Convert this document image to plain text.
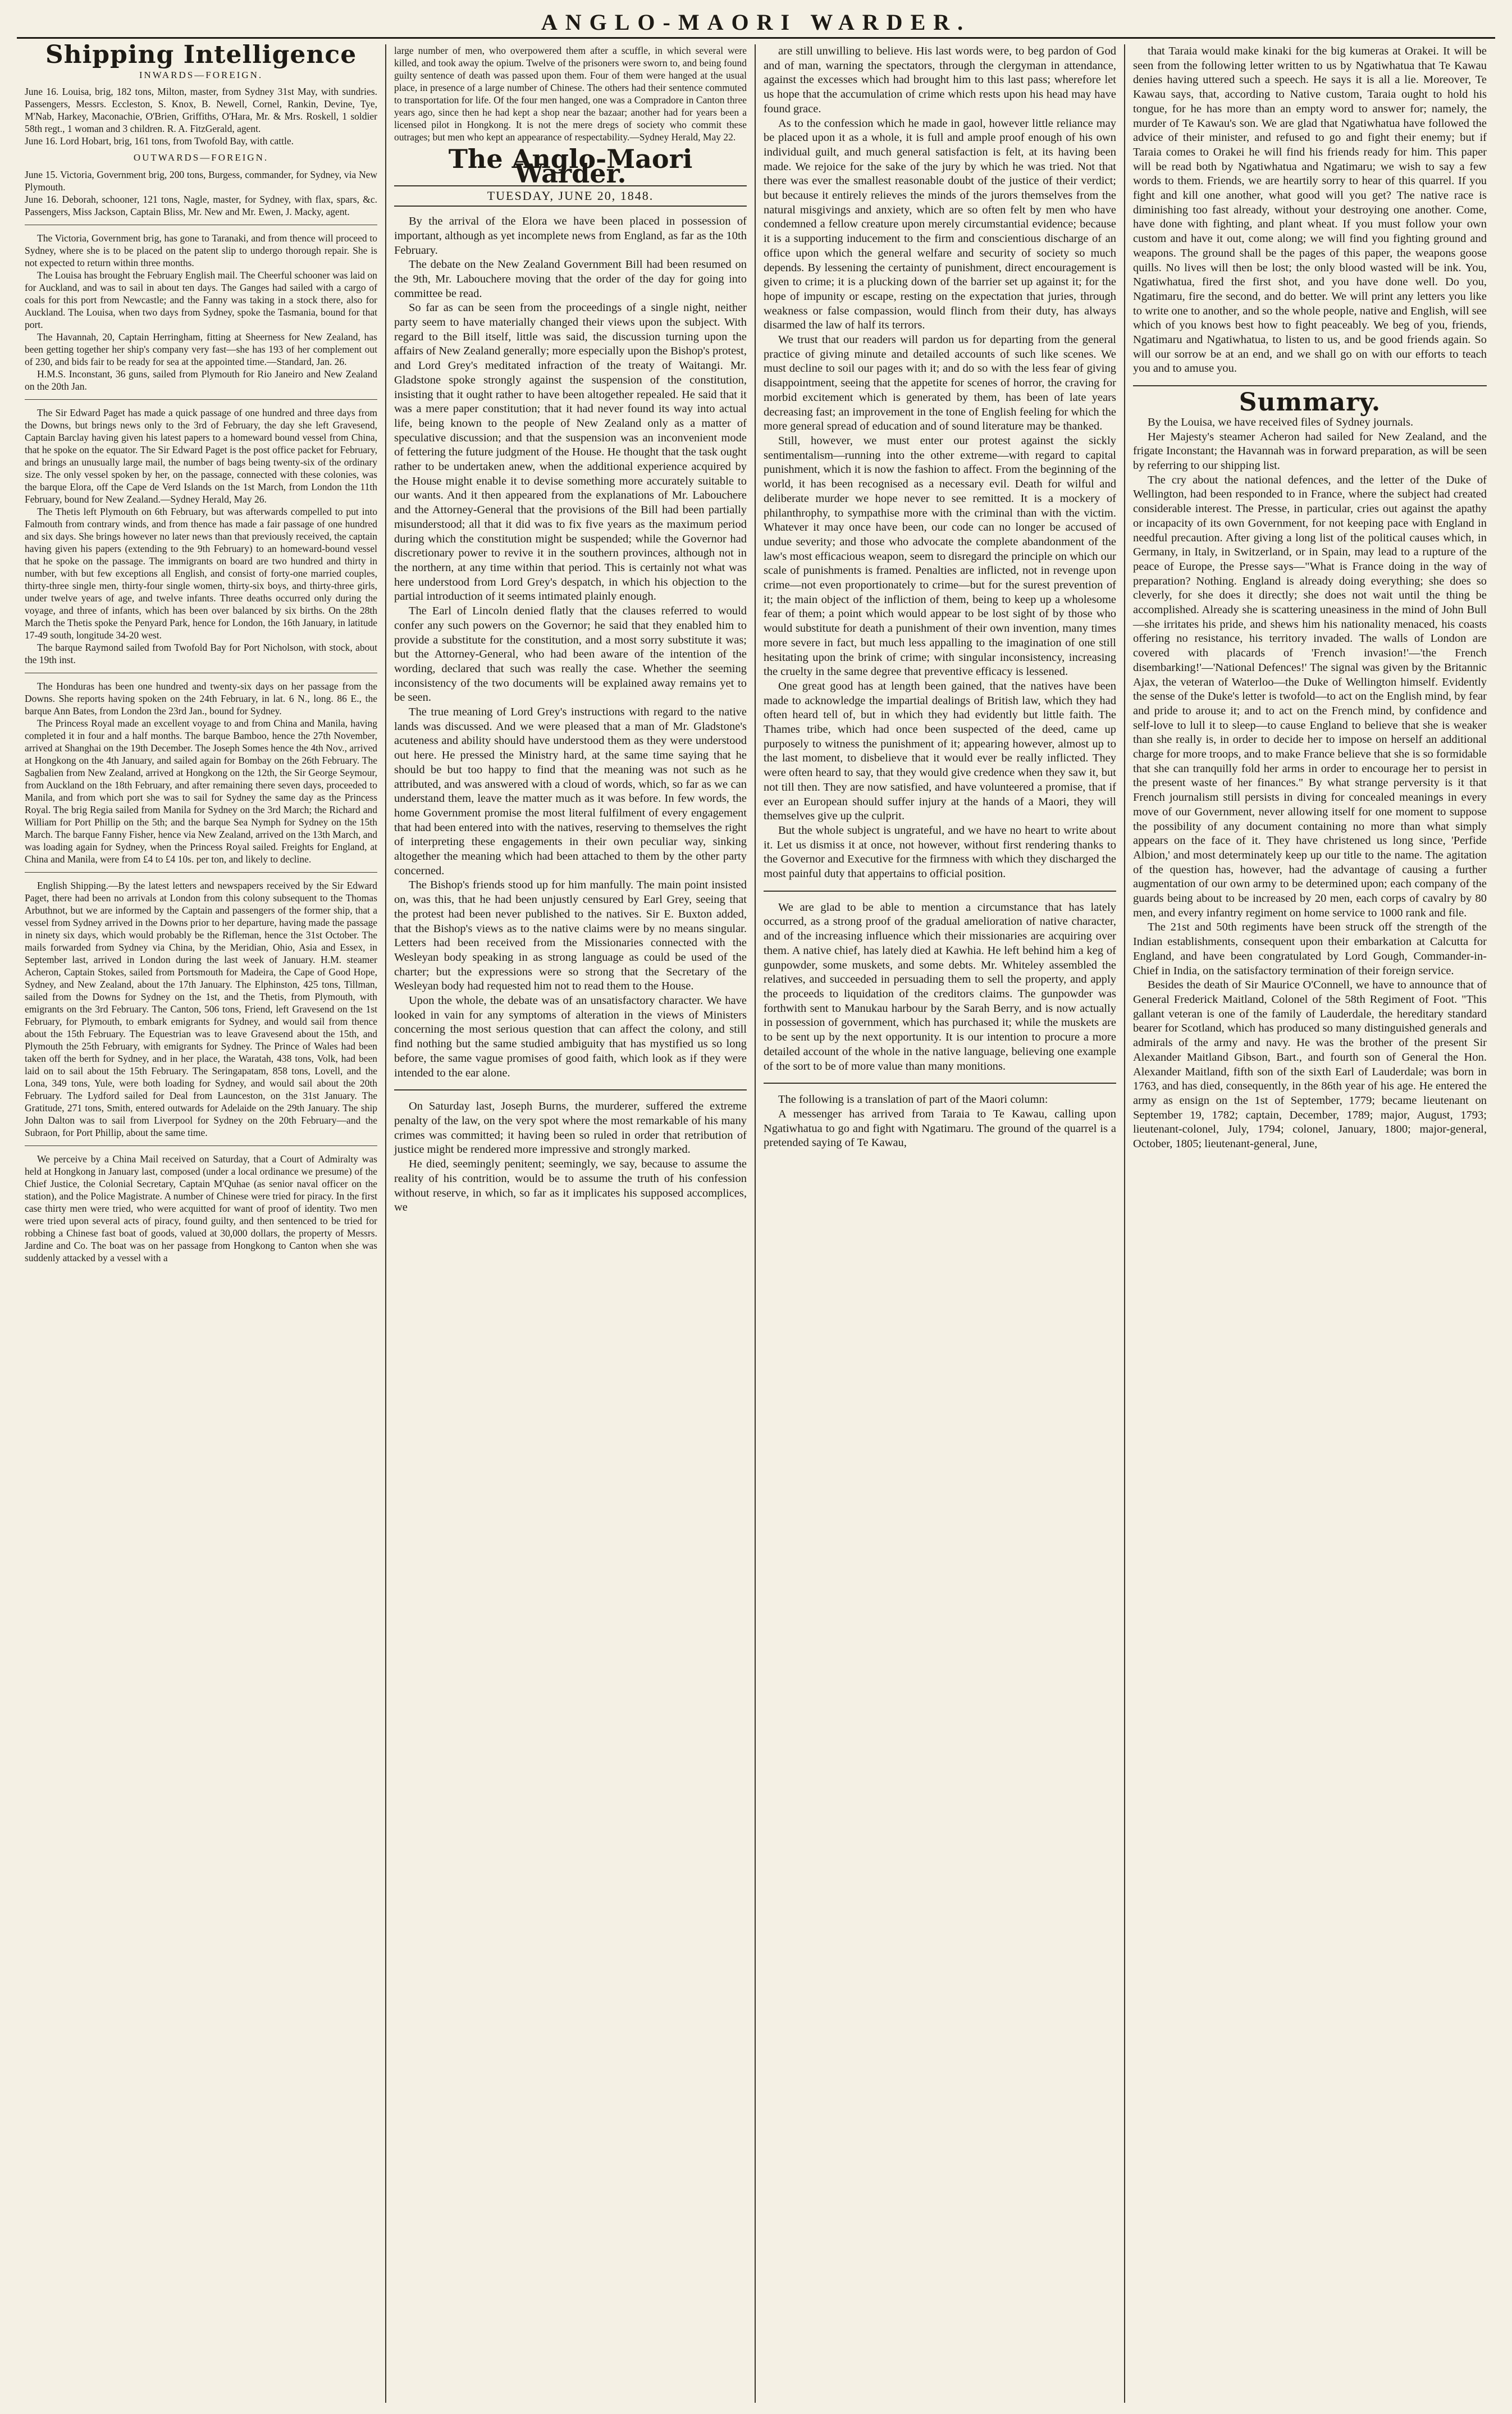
ANGLO-MAORI WARDER.
Shipping Intelligence
INWARDS—FOREIGN.

June 16. Louisa, brig, 182 tons, Milton, master, from Sydney 31st May, with sundries. Passengers, Messrs. Eccleston, S. Knox, B. Newell, Cornel, Rankin, Devine, Tye, M'Nab, Harkey, Maconachie, O'Brien, Griffiths, O'Hara, Mr. & Mrs. Roskell, 1 soldier 58th regt., 1 woman and 3 children. R. A. FitzGerald, agent.

June 16. Lord Hobart, brig, 161 tons, from Twofold Bay, with cattle.

OUTWARDS—FOREIGN.

June 15. Victoria, Government brig, 200 tons, Burgess, commander, for Sydney, via New Plymouth.

June 16. Deborah, schooner, 121 tons, Nagle, master, for Sydney, with flax, spars, &c. Passengers, Miss Jackson, Captain Bliss, Mr. New and Mr. Ewen, J. Macky, agent.

The Victoria, Government brig, has gone to Taranaki, and from thence will proceed to Sydney, where she is to be placed on the patent slip to undergo thorough repair. She is not expected to return within three months.

The Louisa has brought the February English mail. The Cheerful schooner was laid on for Auckland, and was to sail in about ten days. The Ganges had sailed with a cargo of coals for this port from Newcastle; and the Fanny was taking in a stock there, also for Auckland. The Louisa, when two days from Sydney, spoke the Tasmania, bound for that port.

The Havannah, 20, Captain Herringham, fitting at Sheerness for New Zealand, has been getting together her ship's company very fast—she has 193 of her complement out of 230, and bids fair to be ready for sea at the appointed time.—Standard, Jan. 26.

H.M.S. Inconstant, 36 guns, sailed from Plymouth for Rio Janeiro and New Zealand on the 20th Jan.

The Sir Edward Paget has made a quick passage of one hundred and three days from the Downs, but brings news only to the 3rd of February, the day she left Gravesend, Captain Barclay having given his latest papers to a homeward bound vessel from China, that he spoke on the equator. The Sir Edward Paget is the post office packet for February, and brings an unusually large mail, the number of bags being twenty-six of the ordinary size. The only vessel spoken by her, on the passage, connected with these colonies, was the barque Elora, off the Cape de Verd Islands on the 1st March, from London the 11th February, bound for New Zealand.—Sydney Herald, May 26.

The Thetis left Plymouth on 6th February, but was afterwards compelled to put into Falmouth from contrary winds, and from thence has made a fair passage of one hundred and six days. She brings however no later news than that previously received, the captain having given his papers (extending to the 9th February) to an homeward-bound vessel that he spoke on the passage. The immigrants on board are two hundred and thirty in number, with but few exceptions all English, and consist of forty-one married couples, thirty-three single men, thirty-four single women, thirty-six boys, and thirty-three girls, under twelve years of age, and twelve infants. Three deaths occurred only during the voyage, and three of infants, which has been over balanced by six births. On the 28th March the Thetis spoke the Penyard Park, hence for London, the 16th January, in latitude 17-49 south, longitude 34-20 west.

The barque Raymond sailed from Twofold Bay for Port Nicholson, with stock, about the 19th inst.

The Honduras has been one hundred and twenty-six days on her passage from the Downs. She reports having spoken on the 24th February, in lat. 6 N., long. 86 E., the barque Ann Bates, from London the 23rd Jan., bound for Sydney.

The Princess Royal made an excellent voyage to and from China and Manila, having completed it in four and a half months. The barque Bamboo, hence the 27th November, arrived at Shanghai on the 19th December. The Joseph Somes hence the 4th Nov., arrived at Hongkong on the 4th January, and sailed again for Bombay on the 26th February. The Sagbalien from New Zealand, arrived at Hongkong on the 12th, the Sir George Seymour, from Auckland on the 18th February, and after remaining there seven days, proceeded to Manila, and from which port she was to sail for Sydney the same day as the Princess Royal. The brig Regia sailed from Manila for Sydney on the 3rd March; the Richard and William for Port Phillip on the 5th; and the barque Sea Nymph for Sydney on the 15th March. The barque Fanny Fisher, hence via New Zealand, arrived on the 13th March, and was loading again for Sydney, when the Princess Royal sailed. Freights for England, at China and Manila, were from £4 to £4 10s. per ton, and likely to decline.

English Shipping.—By the latest letters and newspapers received by the Sir Edward Paget, there had been no arrivals at London from this colony subsequent to the Thomas Arbuthnot, but we are informed by the Captain and passengers of the former ship, that a vessel from Sydney arrived in the Downs prior to her departure, having made the passage in ninety six days, which would probably be the Rifleman, hence the 31st October. The mails forwarded from Sydney via China, by the Meridian, Ohio, Asia and Essex, in September last, arrived in London during the last week of January. H.M. steamer Acheron, Captain Stokes, sailed from Portsmouth for Madeira, the Cape of Good Hope, Sydney, and New Zealand, about the 17th January. The Elphinston, 425 tons, Tillman, sailed from the Downs for Sydney on the 1st, and the Thetis, from Plymouth, with emigrants on the 3rd February. The Canton, 506 tons, Friend, left Gravesend on the 1st February, for Plymouth, to embark emigrants for Sydney, and would sail from thence about the 15th February. The Equestrian was to leave Gravesend about the 15th, and Plymouth the 25th February, with emigrants for Sydney. The Prince of Wales had been taken off the berth for Sydney, and in her place, the Waratah, 438 tons, Volk, had been laid on to sail about the 15th February. The Seringapatam, 858 tons, Lovell, and the Lona, 349 tons, Yule, were both loading for Sydney, and would sail about the 20th February. The Lydford sailed for Deal from Launceston, on the 31st January. The Gratitude, 271 tons, Smith, entered outwards for Adelaide on the 29th January. The ship John Dalton was to sail from Liverpool for Sydney on the 20th February—and the Subraon, for Port Phillip, about the same time.

We perceive by a China Mail received on Saturday, that a Court of Admiralty was held at Hongkong in January last, composed (under a local ordinance we presume) of the Chief Justice, the Colonial Secretary, Captain M'Quhae (as senior naval officer on the station), and the Police Magistrate. A number of Chinese were tried for piracy. In the first case thirty men were tried, who were acquitted for want of proof of identity. Two men were tried upon several acts of piracy, found guilty, and then sentenced to be tried for robbing a Chinese fast boat of goods, valued at 30,000 dollars, the property of Messrs. Jardine and Co. The boat was on her passage from Hongkong to Canton when she was suddenly attacked by a vessel with a

large number of men, who overpowered them after a scuffle, in which several were killed, and took away the opium. Twelve of the prisoners were sworn to, and being found guilty sentence of death was passed upon them. Four of them were hanged at the usual place, in presence of a large number of Chinese. The others had their sentence commuted to transportation for life. Of the four men hanged, one was a Compradore in Canton three years ago, since then he had kept a shop near the bazaar; another had for years been a licensed pilot in Hongkong. It is not the mere dregs of society who commit these outrages; but men who kept an appearance of respectability.—Sydney Herald, May 22.

The Anglo-Maori Warder.
TUESDAY, JUNE 20, 1848.

By the arrival of the Elora we have been placed in possession of important, although as yet incomplete news from England, as far as the 10th February.

The debate on the New Zealand Government Bill had been resumed on the 9th, Mr. Labouchere moving that the order of the day for going into committee be read.

So far as can be seen from the proceedings of a single night, neither party seem to have materially changed their views upon the subject. With regard to the Bill itself, little was said, the discussion turning upon the affairs of New Zealand generally; more especially upon the Bishop's protest, and Lord Grey's meditated infraction of the treaty of Waitangi. Mr. Gladstone spoke strongly against the suspension of the constitution, insisting that it ought rather to have been altogether repealed. He said that it was a mere paper constitution; that it had never found its way into actual life, being known to the people of New Zealand only as a matter of speculative discussion; and that the suspension was an inconvenient mode of fettering the future judgment of the House. He thought that the task ought rather to be undertaken anew, when the additional experience acquired by the House might enable it to devise something more accurately suitable to our wants. And it then appeared from the explanations of Mr. Labouchere and the Attorney-General that the provisions of the Bill had been partially misunderstood; all that it did was to fix five years as the maximum period during which the constitution might be suspended; while the Governor had discretionary power to revive it in the southern provinces, although not in the northern, at any time within that period. This is certainly not what was here understood from Lord Grey's despatch, in which his objection to the partial introduction of it seems intimated plainly enough.

The Earl of Lincoln denied flatly that the clauses referred to would confer any such powers on the Governor; he said that they enabled him to provide a substitute for the constitution, and a most sorry substitute it was; but the Attorney-General, who had been aware of the intention of the wording, declared that such was really the case. Whether the seeming inconsistency of the two documents will be explained away remains yet to be seen.

The true meaning of Lord Grey's instructions with regard to the native lands was discussed. And we were pleased that a man of Mr. Gladstone's acuteness and ability should have understood them as they were understood out here. He pressed the Ministry hard, at the same time saying that he should be but too happy to find that the meaning was not such as he attributed, and was answered with a cloud of words, which, so far as we can understand them, leave the matter much as it was before. In few words, the home Government promise the most literal fulfilment of every engagement that had been entered into with the natives, reserving to themselves the right of interpreting these engagements in their own peculiar way, sinking altogether the meaning which had been attached to them by the other party concerned.

The Bishop's friends stood up for him manfully. The main point insisted on, was this, that he had been unjustly censured by Earl Grey, seeing that the protest had been never published to the natives. Sir E. Buxton added, that the Bishop's views as to the native claims were by no means singular. Letters had been received from the Missionaries connected with the Wesleyan body speaking in as strong language as could be used of the charter; but the expressions were so strong that the Secretary of the Wesleyan body had requested him not to read them to the House.

Upon the whole, the debate was of an unsatisfactory character. We have looked in vain for any symptoms of alteration in the views of Ministers concerning the most serious question that can affect the colony, and still find nothing but the same studied ambiguity that has mystified us so long before, the same vague promises of good faith, which look as if they were intended to the ear alone.

On Saturday last, Joseph Burns, the murderer, suffered the extreme penalty of the law, on the very spot where the most remarkable of his many crimes was committed; it having been so ruled in order that retribution of justice might be rendered more impressive and strongly marked.

He died, seemingly penitent; seemingly, we say, because to assume the reality of his contrition, would be to assume the truth of his confession without reserve, in which, so far as it implicates his supposed accomplices, we

are still unwilling to believe. His last words were, to beg pardon of God and of man, warning the spectators, through the clergyman in attendance, against the excesses which had brought him to this last pass; wherefore let us hope that the accumulation of crime which rests upon his head may have found grace.

As to the confession which he made in gaol, however little reliance may be placed upon it as a whole, it is full and ample proof enough of his own individual guilt, and much general satisfaction is felt, at its having been made. We rejoice for the sake of the jury by which he was tried. Not that there was ever the smallest reasonable doubt of the justice of their verdict; but because it entirely relieves the minds of the jurors themselves from the natural misgivings and anxiety, which are so often felt by men who have condemned a fellow creature upon merely circumstantial evidence; because it is a supporting inducement to the firm and conscientious discharge of an office upon which the general welfare and security of society so much depends. By lessening the certainty of punishment, direct encouragement is given to crime; it is a plucking down of the barrier set up against it; for the hope of impunity or escape, resting on the expectation that juries, through weakness or false compassion, would flinch from their duty, has always disarmed the law of half its terrors.

We trust that our readers will pardon us for departing from the general practice of giving minute and detailed accounts of such like scenes. We must decline to soil our pages with it; and do so with the less fear of giving disappointment, seeing that the appetite for scenes of horror, the craving for morbid excitement which is generated by them, has been of late years decreasing fast; an improvement in the tone of English feeling for which the more general spread of education and of sound literature may be thanked.

Still, however, we must enter our protest against the sickly sentimentalism—running into the other extreme—with regard to capital punishment, which it is now the fashion to affect. From the beginning of the world, it has been recognised as a necessary evil. Death for wilful and deliberate murder we hope never to see remitted. It is a mockery of philanthrophy, to sympathise more with the criminal than with the victim. Whatever it may once have been, our code can no longer be accused of undue severity; and those who advocate the complete abandonment of the law's most efficacious weapon, seem to disregard the principle on which our scale of punishments is framed. Penalties are inflicted, not in revenge upon crime—not even proportionately to crime—but for the surest prevention of it; the main object of the infliction of them, being to keep up a wholesome fear of them; a point which would appear to be lost sight of by those who would substitute for death a punishment of their own invention, many times more severe in fact, but much less appalling to the imagination of one still hesitating upon the brink of crime; with singular inconsistency, increasing the cruelty in the same degree that preventive efficacy is lessened.

One great good has at length been gained, that the natives have been made to acknowledge the impartial dealings of British law, which they had often heard tell of, but in which they had evidently but little faith. The Thames tribe, which had once been suspected of the deed, came up purposely to witness the punishment of it; appearing however, almost up to the last moment, to disbelieve that it would ever be really inflicted. They were often heard to say, that they would give credence when they saw it, but not till then. They are now satisfied, and have volunteered a promise, that if ever an European should suffer injury at the hands of a Maori, they will themselves give up the culprit.

But the whole subject is ungrateful, and we have no heart to write about it. Let us dismiss it at once, not however, without first rendering thanks to the Governor and Executive for the firmness with which they discharged the most painful duty that appertains to official position.

We are glad to be able to mention a circumstance that has lately occurred, as a strong proof of the gradual amelioration of native character, and of the increasing influence which their missionaries are acquiring over them. A native chief, has lately died at Kawhia. He left behind him a keg of gunpowder, some muskets, and some debts. Mr. Whiteley assembled the relatives, and succeeded in persuading them to sell the property, and apply the proceeds to liquidation of the creditors claims. The gunpowder was forthwith sent to Manukau harbour by the Sarah Berry, and is now actually in possession of government, which has purchased it; while the muskets are to be sent up by the next opportunity. It is our intention to procure a more detailed account of the whole in the native language, believing one example of the sort to be of more value than many monitions.

The following is a translation of part of the Maori column:

A messenger has arrived from Taraia to Te Kawau, calling upon Ngatiwhatua to go and fight with Ngatimaru. The ground of the quarrel is a pretended saying of Te Kawau,

that Taraia would make kinaki for the big kumeras at Orakei. It will be seen from the following letter written to us by Ngatiwhatua that Te Kawau denies having uttered such a speech. He says it is all a lie. Moreover, Te Kawau says, that, according to Native custom, Taraia ought to hold his tongue, for he has more than an empty word to answer for; namely, the murder of Te Kawau's son. We are glad that Ngatiwhatua have followed the advice of their minister, and refused to go and fight their enemy; but if Taraia comes to Orakei he will find his friends ready for him. This paper will be read both by Ngatiwhatua and Ngatimaru; we wish to say a few words to them. Friends, we are heartily sorry to hear of this quarrel. If you fight and kill one another, what good will you get? The native race is diminishing too fast already, without your destroying one another. Come, have done with fighting, and plant wheat. If you must follow your own custom and have it out, come along; we will find you fighting ground and weapons. The ground shall be the pages of this paper, the weapons goose quills. No lives will then be lost; the only blood wasted will be ink. You, Ngatiwhatua, fired the first shot, and you have done well. Do you, Ngatimaru, fire the second, and do better. We will print any letters you like to write one to another, and so the whole people, native and English, will see which of you knows best how to fight peaceably. We beg of you, friends, Ngatimaru and Ngatiwhatua, to listen to us, and be good friends again. So will our sorrow be at an end, and we shall go on with our efforts to teach you and to amuse you.

Summary.

By the Louisa, we have received files of Sydney journals.

Her Majesty's steamer Acheron had sailed for New Zealand, and the frigate Inconstant; the Havannah was in forward preparation, as will be seen by referring to our shipping list.

The cry about the national defences, and the letter of the Duke of Wellington, had been responded to in France, where the subject had created considerable interest. The Presse, in particular, cries out against the apathy or incapacity of its own Government, for not keeping pace with England in needful precaution. After giving a long list of the political causes which, in Germany, in Italy, in Switzerland, or in Spain, may lead to a rupture of the peace of Europe, the Presse says—"What is France doing in the way of preparation? Nothing. England is already doing everything; she does so cleverly, for she does it directly; she does not wait until the thing be accomplished. Already she is scattering uneasiness in the mind of John Bull—she irritates his pride, and shews him his nationality menaced, his coasts offering no resistance, his territory invaded. The walls of London are covered with placards of 'French invasion!'—'the French disembarking!'—'National Defences!' The signal was given by the Britannic Ajax, the veteran of Waterloo—the Duke of Wellington himself. Evidently the sense of the Duke's letter is twofold—to act on the English mind, by fear and pride to arouse it; and to act on the French mind, by confidence and self-love to lull it to sleep—to cause England to believe that she is weaker than she really is, in order to decide her to impose on herself an additional charge for more troops, and to make France believe that she is so formidable that she can tranquilly fold her arms in order to encourage her to persist in the present waste of her finances." By what strange perversity is it that French journalism still persists in diving for concealed meanings in every move of our Government, never allowing itself for one moment to suppose the possibility of any document containing no more than what simply appears on the face of it. They have christened us long since, 'Perfide Albion,' and most determinately keep up our title to the name. The agitation of the question has, however, had the advantage of causing a further augmentation of our own army to be determined upon; each company of the guards being about to be increased by 20 men, each corps of cavalry by 80 men, and every infantry regiment on home service to 1000 rank and file.

The 21st and 50th regiments have been struck off the strength of the Indian establishments, consequent upon their embarkation at Calcutta for England, and have been congratulated by Lord Gough, Commander-in-Chief in India, on the satisfactory termination of their foreign service.

Besides the death of Sir Maurice O'Connell, we have to announce that of General Frederick Maitland, Colonel of the 58th Regiment of Foot. "This gallant veteran is one of the family of Lauderdale, the hereditary standard bearer for Scotland, which has produced so many distinguished generals and admirals of the army and navy. He was the brother of the present Sir Alexander Maitland Gibson, Bart., and fourth son of General the Hon. Alexander Maitland, fifth son of the sixth Earl of Lauderdale; was born in 1763, and has died, consequently, in the 86th year of his age. He entered the army as ensign on the 1st of September, 1779; became lieutenant on September 19, 1782; captain, December, 1789; major, August, 1793; lieutenant-colonel, July, 1794; colonel, January, 1800; major-general, October, 1805; lieutenant-general, June,
